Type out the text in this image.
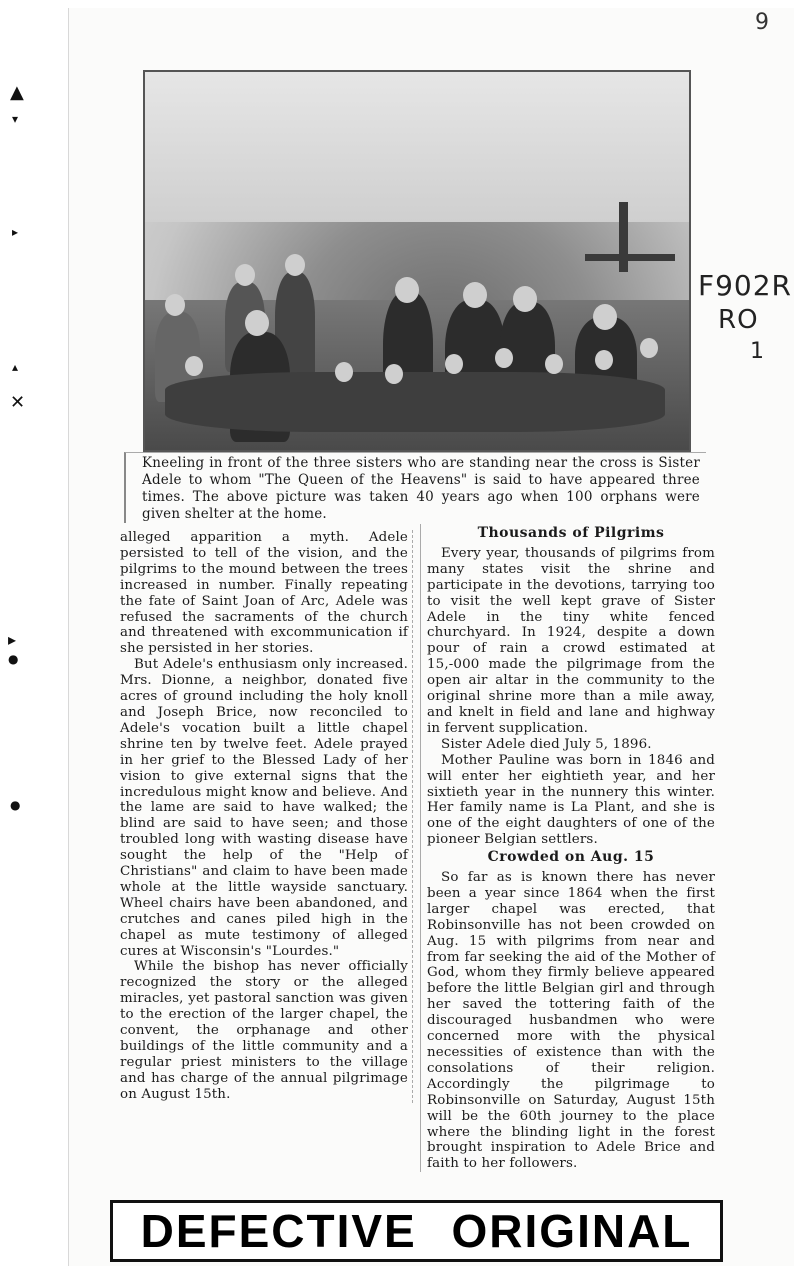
9
▲
▾
▸
▴
✕
▸
●
●
F902R
RO
1
Kneeling in front of the three sisters who are standing near the cross is Sister Adele to whom "The Queen of the Heavens" is said to have appeared three times. The above picture was taken 40 years ago when 100 orphans were given shelter at the home.

alleged apparition a myth. Adele persisted to tell of the vision, and the pilgrims to the mound between the trees increased in number. Finally repeating the fate of Saint Joan of Arc, Adele was refused the sacraments of the church and threatened with excommunication if she persisted in her stories.

But Adele's enthusiasm only increased. Mrs. Dionne, a neighbor, donated five acres of ground including the holy knoll and Joseph Brice, now reconciled to Adele's vocation built a little chapel shrine ten by twelve feet. Adele prayed in her grief to the Blessed Lady of her vision to give external signs that the incredulous might know and believe. And the lame are said to have walked; the blind are said to have seen; and those troubled long with wasting disease have sought the help of the "Help of Christians" and claim to have been made whole at the little wayside sanctuary. Wheel chairs have been abandoned, and crutches and canes piled high in the chapel as mute testimony of alleged cures at Wisconsin's "Lourdes."

While the bishop has never officially recognized the story or the alleged miracles, yet pastoral sanction was given to the erection of the larger chapel, the convent, the orphanage and other buildings of the little community and a regular priest ministers to the village and has charge of the annual pilgrimage on August 15th.

Thousands of Pilgrims

Every year, thousands of pilgrims from many states visit the shrine and participate in the devotions, tarrying too to visit the well kept grave of Sister Adele in the tiny white fenced churchyard. In 1924, despite a down pour of rain a crowd estimated at 15,-000 made the pilgrimage from the open air altar in the community to the original shrine more than a mile away, and knelt in field and lane and highway in fervent supplication.

Sister Adele died July 5, 1896.

Mother Pauline was born in 1846 and will enter her eightieth year, and her sixtieth year in the nunnery this winter. Her family name is La Plant, and she is one of the eight daughters of one of the pioneer Belgian settlers.

Crowded on Aug. 15

So far as is known there has never been a year since 1864 when the first larger chapel was erected, that Robinsonville has not been crowded on Aug. 15 with pilgrims from near and from far seeking the aid of the Mother of God, whom they firmly believe appeared before the little Belgian girl and through her saved the tottering faith of the discouraged husbandmen who were concerned more with the physical necessities of existence than with the consolations of their religion. Accordingly the pilgrimage to Robinsonville on Saturday, August 15th will be the 60th journey to the place where the blinding light in the forest brought inspiration to Adele Brice and faith to her followers.

DEFECTIVE ORIGINAL
